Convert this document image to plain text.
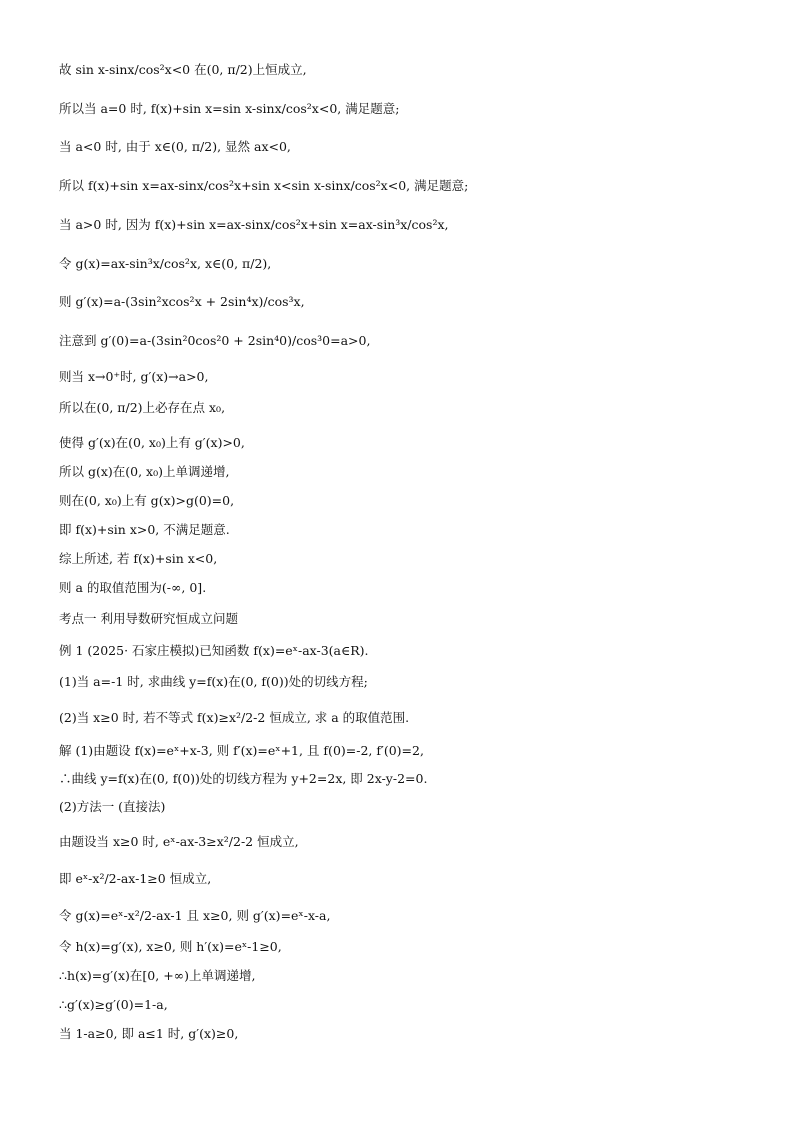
故 sin x-sinx/cos²x<0 在(0, π/2)上恒成立,
所以当 a=0 时, f(x)+sin x=sin x-sinx/cos²x<0, 满足题意;
当 a<0 时, 由于 x∈(0, π/2), 显然 ax<0,
所以 f(x)+sin x=ax-sinx/cos²x+sin x<sin x-sinx/cos²x<0, 满足题意;
当 a>0 时, 因为 f(x)+sin x=ax-sinx/cos²x+sin x=ax-sin³x/cos²x,
令 g(x)=ax-sin³x/cos²x, x∈(0, π/2),
则 g′(x)=a-(3sin²xcos²x + 2sin⁴x)/cos³x,
注意到 g′(0)=a-(3sin²0cos²0 + 2sin⁴0)/cos³0=a>0,
则当 x→0⁺时, g′(x)→a>0,
所以在(0, π/2)上必存在点 x₀,
使得 g′(x)在(0, x₀)上有 g′(x)>0,
所以 g(x)在(0, x₀)上单调递增,
则在(0, x₀)上有 g(x)>g(0)=0,
即 f(x)+sin x>0, 不满足题意.
综上所述, 若 f(x)+sin x<0,
则 a 的取值范围为(-∞, 0].
考点一 利用导数研究恒成立问题
例 1 (2025· 石家庄模拟)已知函数 f(x)=eˣ-ax-3(a∈R).
(1)当 a=-1 时, 求曲线 y=f(x)在(0, f(0))处的切线方程;
(2)当 x≥0 时, 若不等式 f(x)≥x²/2-2 恒成立, 求 a 的取值范围.
解 (1)由题设 f(x)=eˣ+x-3, 则 f′(x)=eˣ+1, 且 f(0)=-2, f′(0)=2,
∴曲线 y=f(x)在(0, f(0))处的切线方程为 y+2=2x, 即 2x-y-2=0.
(2)方法一 (直接法)
由题设当 x≥0 时, eˣ-ax-3≥x²/2-2 恒成立,
即 eˣ-x²/2-ax-1≥0 恒成立,
令 g(x)=eˣ-x²/2-ax-1 且 x≥0, 则 g′(x)=eˣ-x-a,
令 h(x)=g′(x), x≥0, 则 h′(x)=eˣ-1≥0,
∴h(x)=g′(x)在[0, +∞)上单调递增,
∴g′(x)≥g′(0)=1-a,
当 1-a≥0, 即 a≤1 时, g′(x)≥0,
